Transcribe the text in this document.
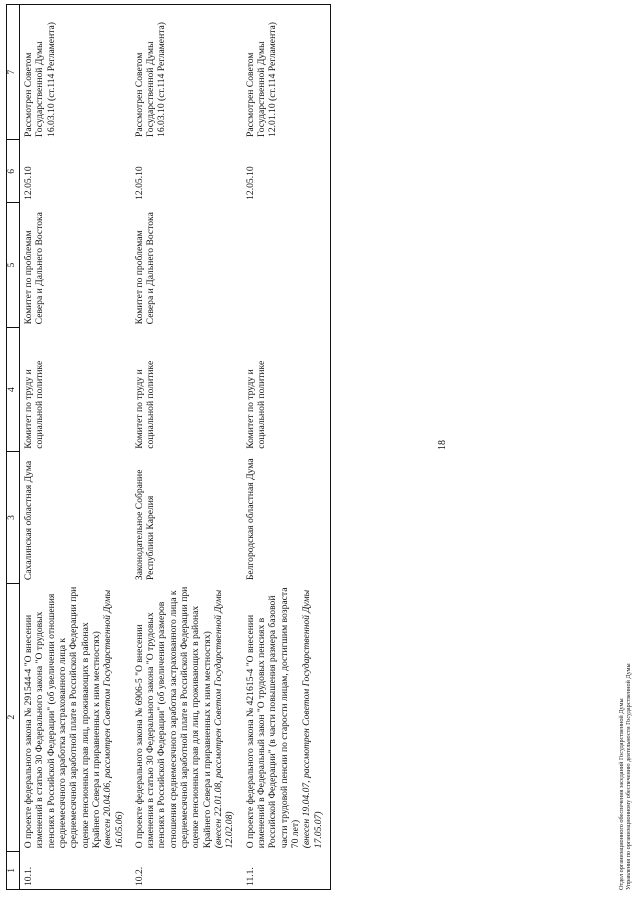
18
1	2	3	4	5	6	7
10.1.	О проекте федерального закона № 291544-4 "О внесении изменений в статью 30 Федерального закона "О трудовых пенсиях в Российской Федерации" (об увеличении отношения среднемесячного заработка застрахованного лица к среднемесячной заработной плате в Российской Федерации при оценке пенсионных прав лиц, проживающих в районах Крайнего Севера и приравненных к ним местностях) (внесен 20.04.06, рассмотрен Советом Государственной Думы 16.05.06)	Сахалинская областная Дума	Комитет по труду и социальной политике	Комитет по проблемам Севера и Дальнего Востока	12.05.10	Рассмотрен Советом Государственной Думы 16.03.10 (ст.114 Регламента)
10.2.	О проекте федерального закона № 6906-5 "О внесении изменения в статью 30 Федерального закона "О трудовых пенсиях в Российской Федерации" (об увеличении размеров отношения среднемесячного заработка застрахованного лица к среднемесячной заработной плате в Российской Федерации при оценке пенсионных прав для лиц, проживающих в районах Крайнего Севера и приравненных к ним местностях) (внесен 22.01.08, рассмотрен Советом Государственной Думы 12.02.08)	Законодательное Собрание Республики Карелия	Комитет по труду и социальной политике	Комитет по проблемам Севера и Дальнего Востока	12.05.10	Рассмотрен Советом Государственной Думы 16.03.10 (ст.114 Регламента)
11.1.	О проекте федерального закона № 421615-4 "О внесении изменений в Федеральный закон "О трудовых пенсиях в Российской Федерации" (в части повышения размера базовой части трудовой пенсии по старости лицам, достигшим возраста 70 лет) (внесен 19.04.07, рассмотрен Советом Государственной Думы 17.05.07)	Белгородская областная Дума	Комитет по труду и социальной политике		12.05.10	Рассмотрен Советом Государственной Думы 12.01.10 (ст.114 Регламента)
Отдел организационного обеспечения заседаний Государственной Думы Управления по организационному обеспечению деятельности Государственной Думы
